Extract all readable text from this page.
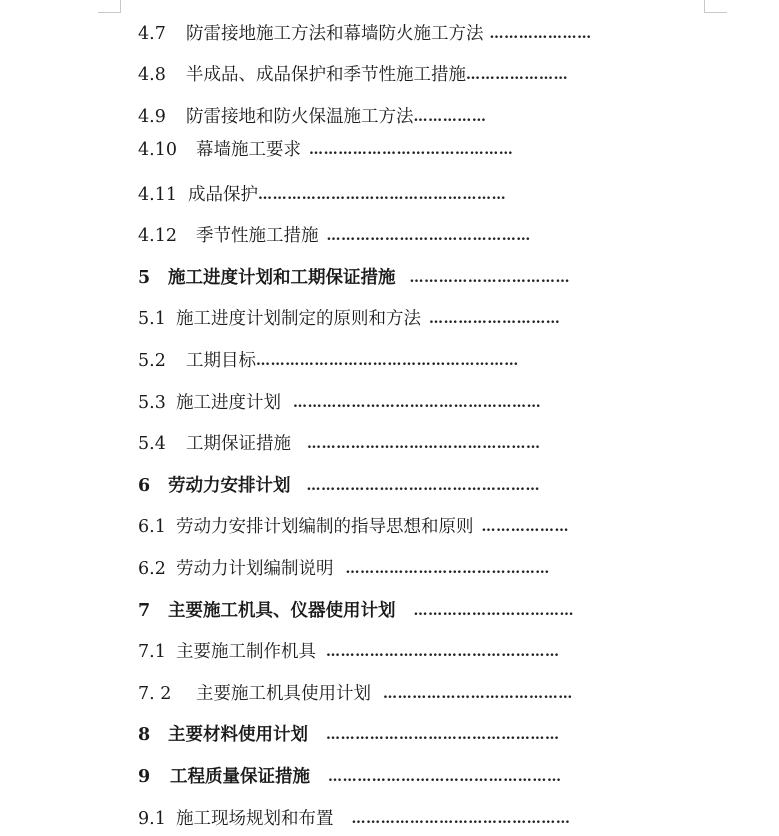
4.7	防雷接地施工方法和幕墙防火施工方法 …………………
4.8	半成品、成品保护和季节性施工措施 …………………
4.9	防雷接地和防火保温施工方法 ……………
4.10	幕墙施工要求 ……………………………………
4.11 成品保护 ……………………………………………
4.12	季节性施工措施 ……………………………………
5	施工进度计划和工期保证措施 ……………………………
5.1 施工进度计划制定的原则和方法 ………………………
5.2	工期目标 ………………………………………………
5.3 施工进度计划 ……………………………………………
5.4	工期保证措施 …………………………………………
6	劳动力安排计划 …………………………………………
6.1 劳动力安排计划编制的指导思想和原则 ………………
6.2 劳动力计划编制说明 ……………………………………
7	主要施工机具、仪器使用计划 ……………………………
7.1 主要施工制作机具 …………………………………………
7. 2	主要施工机具使用计划 …………………………………
8	主要材料使用计划 …………………………………………
9	工程质量保证措施 …………………………………………
9.1 施工现场规划和布置 ………………………………………
